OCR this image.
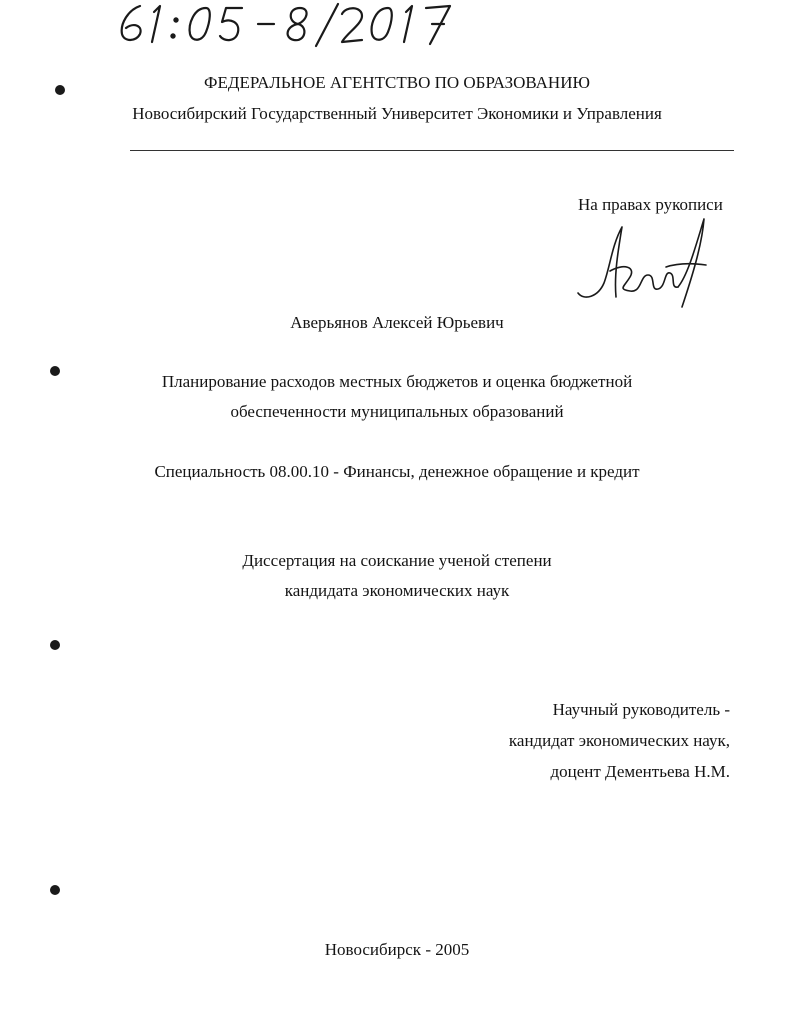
ФЕДЕРАЛЬНОЕ АГЕНТСТВО ПО ОБРАЗОВАНИЮ
Новосибирский Государственный Университет Экономики и Управления
На правах рукописи
Аверьянов Алексей Юрьевич
Планирование расходов местных бюджетов и оценка бюджетной
обеспеченности муниципальных образований
Специальность 08.00.10 - Финансы, денежное обращение и кредит
Диссертация на соискание ученой степени
кандидата экономических наук
Научный руководитель -
кандидат экономических наук,
доцент Дементьева Н.М.
Новосибирск - 2005
